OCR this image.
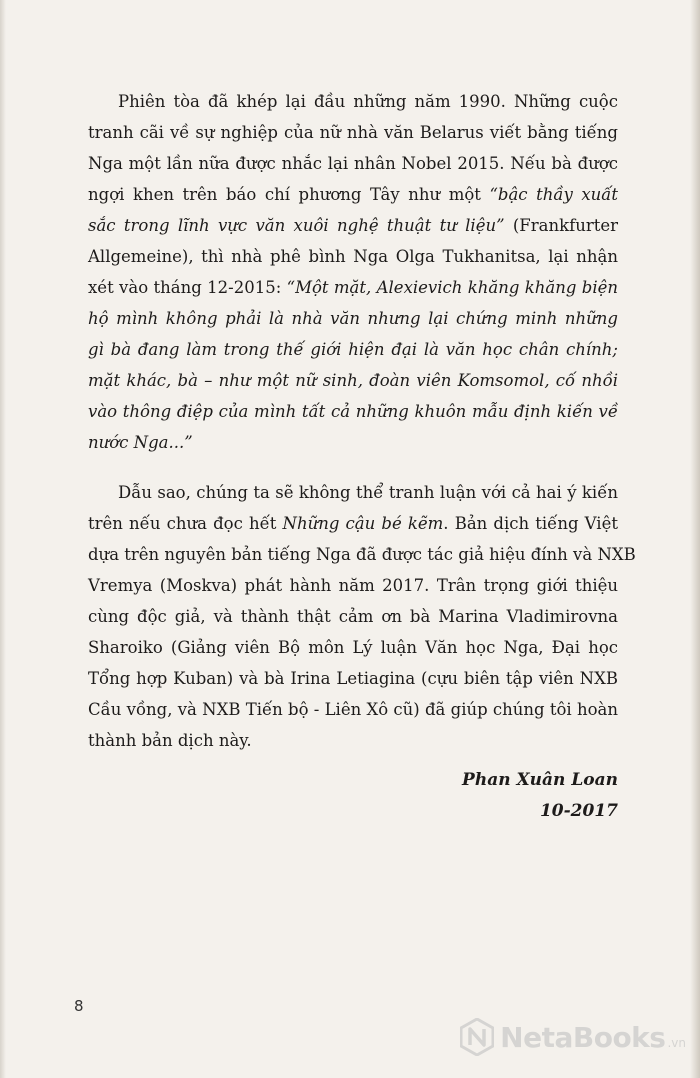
Phiên tòa đã khép lại đầu những năm 1990. Những cuộc
tranh cãi về sự nghiệp của nữ nhà văn Belarus viết bằng tiếng
Nga một lần nữa được nhắc lại nhân Nobel 2015. Nếu bà được
ngợi khen trên báo chí phương Tây như một “bậc thầy xuất
sắc trong lĩnh vực văn xuôi nghệ thuật tư liệu” (Frankfurter
Allgemeine), thì nhà phê bình Nga Olga Tukhanitsa, lại nhận
xét vào tháng 12-2015: “Một mặt, Alexievich khăng khăng biện
hộ mình không phải là nhà văn nhưng lại chứng minh những
gì bà đang làm trong thế giới hiện đại là văn học chân chính;
mặt khác, bà – như một nữ sinh, đoàn viên Komsomol, cố nhồi
vào thông điệp của mình tất cả những khuôn mẫu định kiến về
nước Nga...”
Dẫu sao, chúng ta sẽ không thể tranh luận với cả hai ý kiến
trên nếu chưa đọc hết Những cậu bé kẽm. Bản dịch tiếng Việt
dựa trên nguyên bản tiếng Nga đã được tác giả hiệu đính và NXB
Vremya (Moskva) phát hành năm 2017. Trân trọng giới thiệu
cùng độc giả, và thành thật cảm ơn bà Marina Vladimirovna
Sharoiko (Giảng viên Bộ môn Lý luận Văn học Nga, Đại học
Tổng hợp Kuban) và bà Irina Letiagina (cựu biên tập viên NXB
Cầu vồng, và NXB Tiến bộ - Liên Xô cũ) đã giúp chúng tôi hoàn
thành bản dịch này.
Phan Xuân Loan
10-2017
8
NetaBooks .vn
